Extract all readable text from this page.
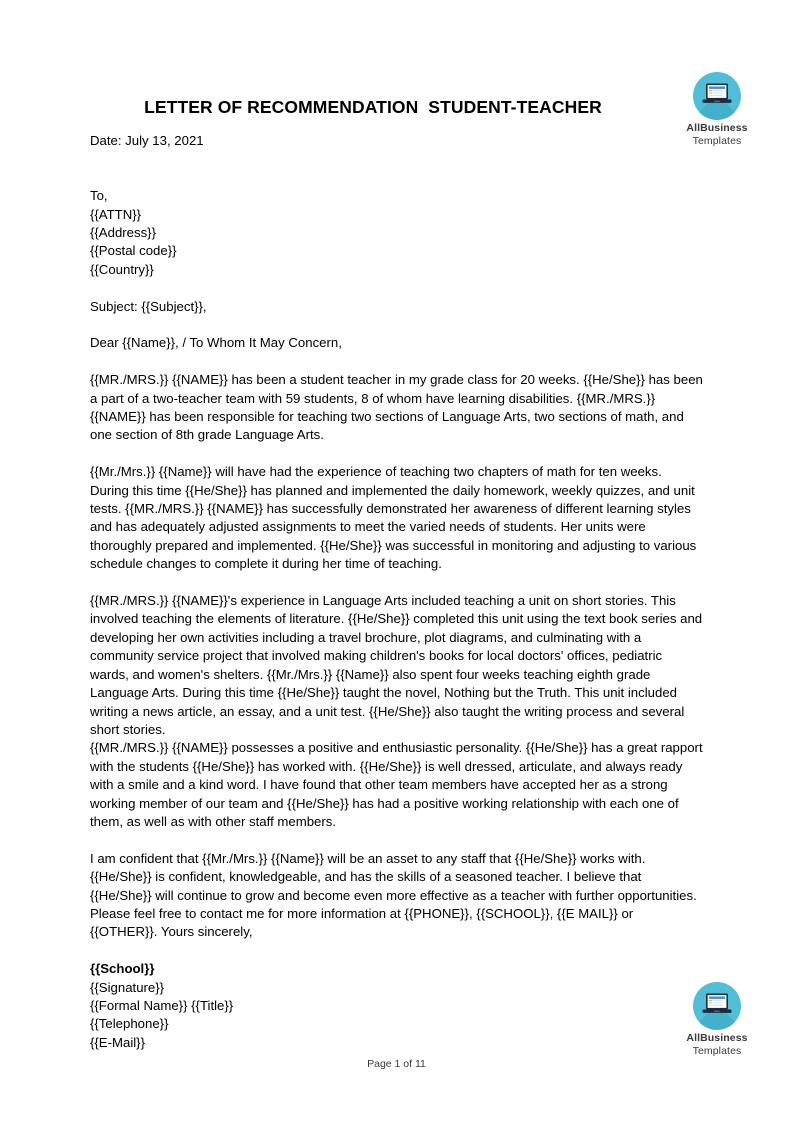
AllBusiness
Templates
LETTER OF RECOMMENDATION  STUDENT-TEACHER

Date: July 13, 2021

To,
{{ATTN}}
{{Address}}
{{Postal code}}
{{Country}}

Subject: {{Subject}},

Dear {{Name}}, / To Whom It May Concern,

{{MR./MRS.}} {{NAME}} has been a student teacher in my grade class for 20 weeks. {{He/She}} has been a part of a two-teacher team with 59 students, 8 of whom have learning disabilities. {{MR./MRS.}} {{NAME}} has been responsible for teaching two sections of Language Arts, two sections of math, and one section of 8th grade Language Arts.

{{Mr./Mrs.}} {{Name}} will have had the experience of teaching two chapters of math for ten weeks. During this time {{He/She}} has planned and implemented the daily homework, weekly quizzes, and unit tests. {{MR./MRS.}} {{NAME}} has successfully demonstrated her awareness of different learning styles and has adequately adjusted assignments to meet the varied needs of students. Her units were thoroughly prepared and implemented. {{He/She}} was successful in monitoring and adjusting to various schedule changes to complete it during her time of teaching.

{{MR./MRS.}} {{NAME}}'s experience in Language Arts included teaching a unit on short stories. This involved teaching the elements of literature. {{He/She}} completed this unit using the text book series and developing her own activities including a travel brochure, plot diagrams, and culminating with a community service project that involved making children's books for local doctors' offices, pediatric wards, and women's shelters. {{Mr./Mrs.}} {{Name}} also spent four weeks teaching eighth grade Language Arts. During this time {{He/She}} taught the novel, Nothing but the Truth. This unit included writing a news article, an essay, and a unit test. {{He/She}} also taught the writing process and several short stories.

{{MR./MRS.}} {{NAME}} possesses a positive and enthusiastic personality. {{He/She}} has a great rapport with the students {{He/She}} has worked with. {{He/She}} is well dressed, articulate, and always ready with a smile and a kind word. I have found that other team members have accepted her as a strong working member of our team and {{He/She}} has had a positive working relationship with each one of them, as well as with other staff members.

I am confident that {{Mr./Mrs.}} {{Name}} will be an asset to any staff that {{He/She}} works with. {{He/She}} is confident, knowledgeable, and has the skills of a seasoned teacher. I believe that {{He/She}} will continue to grow and become even more effective as a teacher with further opportunities. Please feel free to contact me for more information at {{PHONE}}, {{SCHOOL}}, {{E MAIL}} or {{OTHER}}. Yours sincerely,

{{School}}
{{Signature}}
{{Formal Name}} {{Title}}
{{Telephone}}
{{E-Mail}}	AllBusiness
Templates
Page 1 of 11
